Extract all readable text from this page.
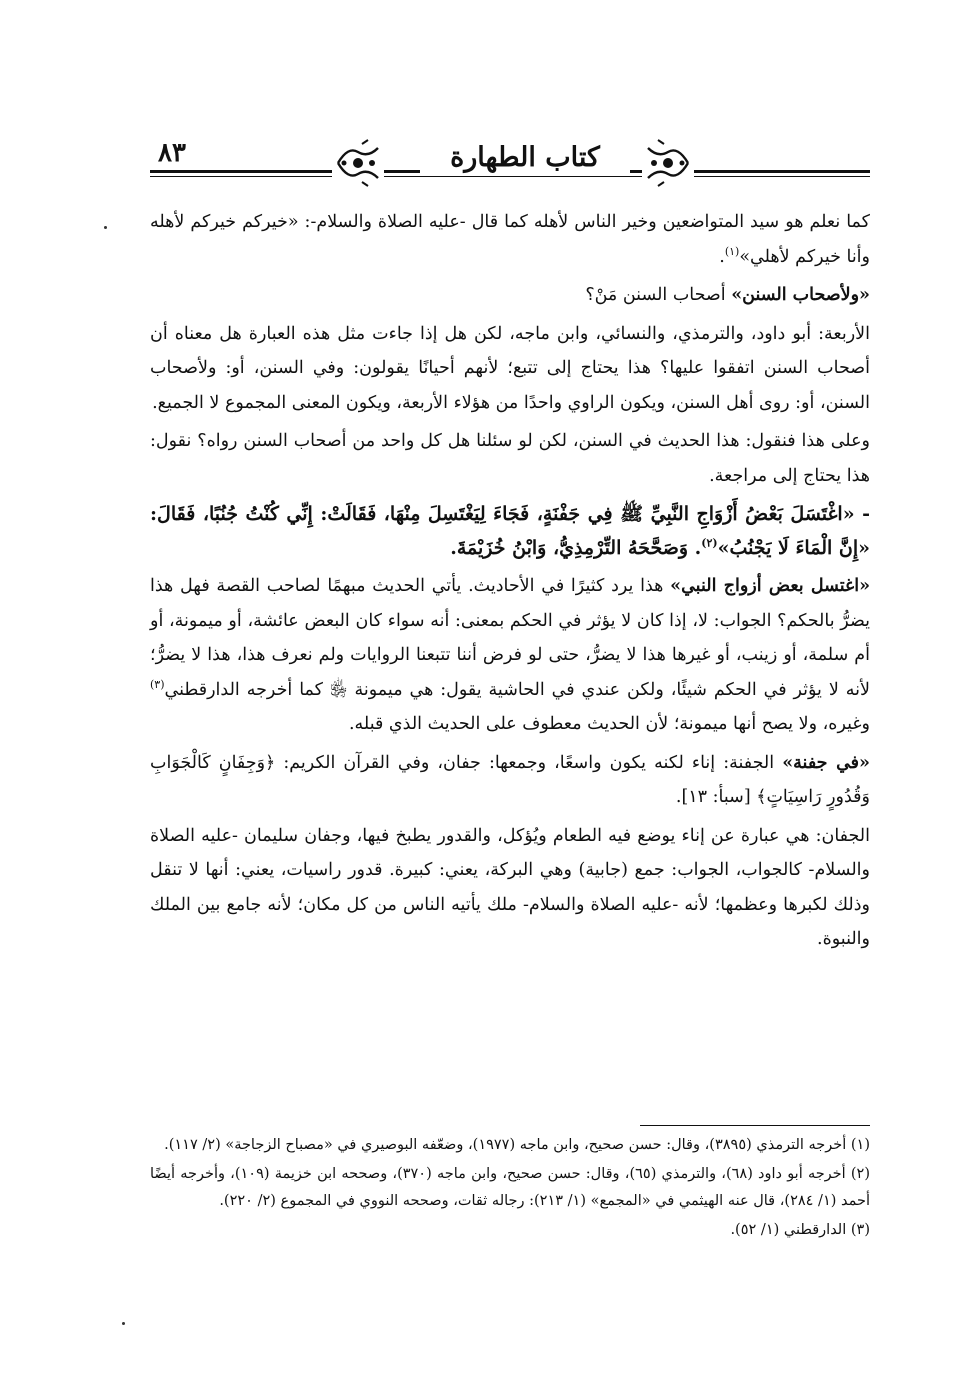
٨٣	كتاب الطهارة

كما نعلم هو سيد المتواضعين وخير الناس لأهله كما قال -عليه الصلاة والسلام-: «خيركم خيركم لأهله وأنا خيركم لأهلي»$^{(١)}$.

«ولأصحاب السنن» أصحاب السنن مَنْ؟

الأربعة: أبو داود، والترمذي، والنسائي، وابن ماجه، لكن هل إذا جاءت مثل هذه العبارة هل معناه أن أصحاب السنن اتفقوا عليها؟ هذا يحتاج إلى تتبع؛ لأنهم أحيانًا يقولون: وفي السنن، أو: ولأصحاب السنن، أو: روى أهل السنن، ويكون الراوي واحدًا من هؤلاء الأربعة، ويكون المعنى المجموع لا الجميع.

وعلى هذا فنقول: هذا الحديث في السنن، لكن لو سئلنا هل كل واحد من أصحاب السنن رواه؟ نقول: هذا يحتاج إلى مراجعة.

- «اغْتَسَلَ بَعْضُ أَزْوَاجِ النَّبِيِّ ﷺ فِي جَفْنَةٍ، فَجَاءَ لِيَغْتَسِلَ مِنْهَا، فَقَالَتْ: إِنِّي كُنْتُ جُنُبًا، فَقَالَ: «إِنَّ الْمَاءَ لَا يَجْنُبُ»$^{(٢)}$. وَصَحَّحَهُ التِّرْمِذِيُّ، وَابْنُ خُزَيْمَةَ.

«اغتسل بعض أزواج النبي» هذا يرد كثيرًا في الأحاديث. يأتي الحديث مبهمًا لصاحب القصة فهل هذا يضرُّ بالحكم؟ الجواب: لا، إذا كان لا يؤثر في الحكم بمعنى: أنه سواء كان البعض عائشة، أو ميمونة، أو أم سلمة، أو زينب، أو غيرها هذا لا يضرُّ، حتى لو فرض أننا تتبعنا الروايات ولم نعرف هذا، هذا لا يضرُّ؛ لأنه لا يؤثر في الحكم شيئًا، ولكن عندي في الحاشية يقول: هي ميمونة ﵂ كما أخرجه الدارقطني$^{(٣)}$ وغيره، ولا يصح أنها ميمونة؛ لأن الحديث معطوف على الحديث الذي قبله.

«في جفنة» الجفنة: إناء لكنه يكون واسعًا، وجمعها: جفان، وفي القرآن الكريم: ﴿وَجِفَانٍ كَالْجَوَابِ وَقُدُورٍ رَاسِيَاتٍ﴾ [سبأ: ١٣].

الجفان: هي عبارة عن إناء يوضع فيه الطعام ويُؤكل، والقدور يطبخ فيها، وجفان سليمان -عليه الصلاة والسلام- كالجواب، الجواب: جمع (جابية) وهي البركة، يعني: كبيرة. قدور راسيات، يعني: أنها لا تنقل وذلك لكبرها وعظمها؛ لأنه -عليه الصلاة والسلام- ملك يأتيه الناس من كل مكان؛ لأنه جامع بين الملك والنبوة.

(١) أخرجه الترمذي (٣٨٩٥)، وقال: حسن صحيح، وابن ماجه (١٩٧٧)، وضعّفه البوصيري في «مصباح الزجاجة» (٢/ ١١٧).

(٢) أخرجه أبو داود (٦٨)، والترمذي (٦٥)، وقال: حسن صحيح، وابن ماجه (٣٧٠)، وصححه ابن خزيمة (١٠٩)، وأخرجه أيضًا أحمد (١/ ٢٨٤)، قال عنه الهيثمي في «المجمع» (١/ ٢١٣): رجاله ثقات، وصححه النووي في المجموع (٢/ ٢٢٠).

(٣) الدارقطني (١/ ٥٢).
